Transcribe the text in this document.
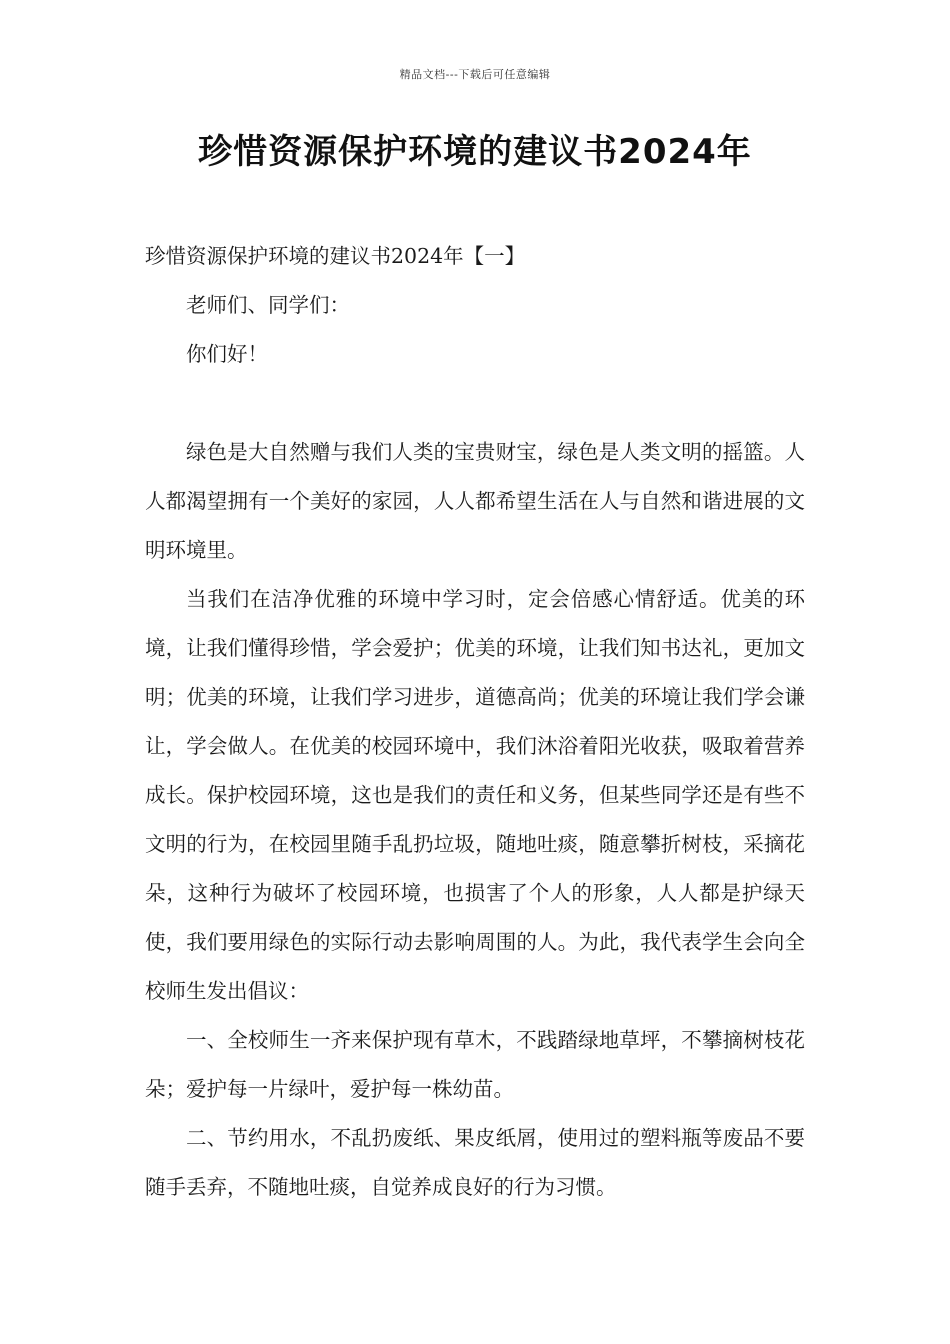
精品文档---下载后可任意编辑
珍惜资源保护环境的建议书2024年

珍惜资源保护环境的建议书2024年【一】

老师们、同学们：

你们好！

绿色是大自然赠与我们人类的宝贵财宝，绿色是人类文明的摇篮。人人都渴望拥有一个美好的家园，人人都希望生活在人与自然和谐进展的文明环境里。

当我们在洁净优雅的环境中学习时，定会倍感心情舒适。优美的环境，让我们懂得珍惜，学会爱护；优美的环境，让我们知书达礼，更加文明；优美的环境，让我们学习进步，道德高尚；优美的环境让我们学会谦让，学会做人。在优美的校园环境中，我们沐浴着阳光收获，吸取着营养成长。保护校园环境，这也是我们的责任和义务，但某些同学还是有些不文明的行为，在校园里随手乱扔垃圾，随地吐痰，随意攀折树枝，采摘花朵，这种行为破坏了校园环境，也损害了个人的形象，人人都是护绿天使，我们要用绿色的实际行动去影响周围的人。为此，我代表学生会向全校师生发出倡议：

一、全校师生一齐来保护现有草木，不践踏绿地草坪，不攀摘树枝花朵；爱护每一片绿叶，爱护每一株幼苗。

二、节约用水，不乱扔废纸、果皮纸屑，使用过的塑料瓶等废品不要随手丢弃，不随地吐痰，自觉养成良好的行为习惯。
